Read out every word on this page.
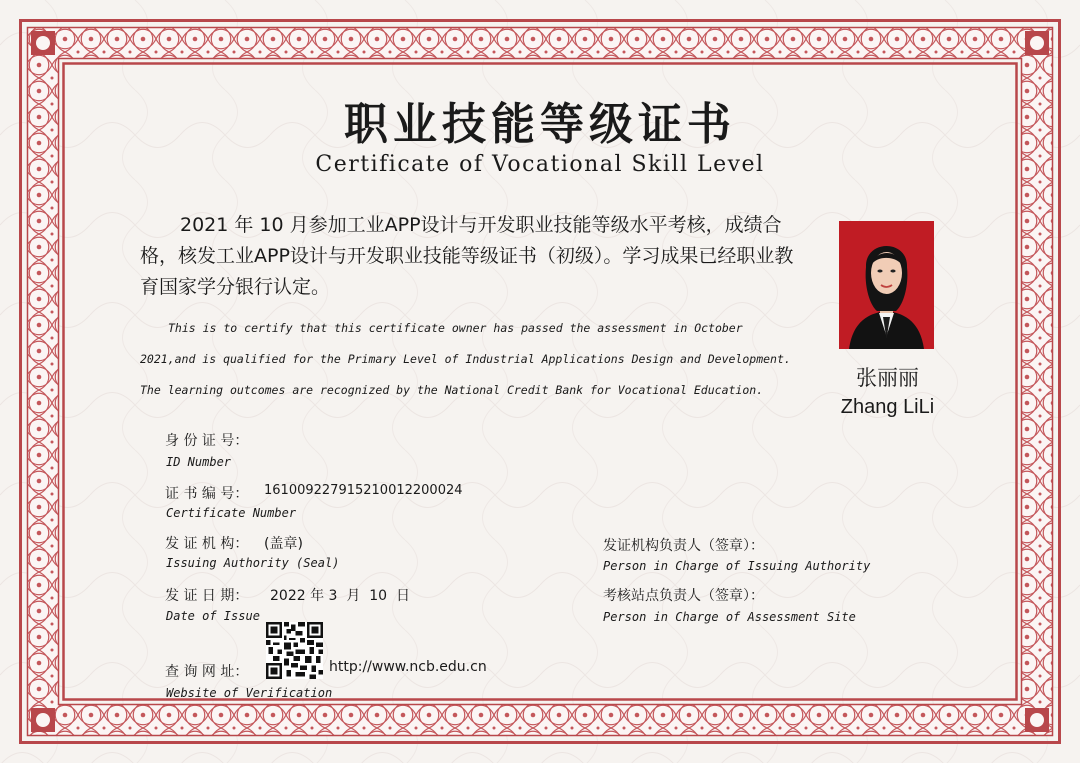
职业技能等级证书
Certificate of Vocational Skill Level
2021 年 10 月参加工业APP设计与开发职业技能等级水平考核，成绩合格，核发工业APP设计与开发职业技能等级证书（初级）。学习成果已经职业教育国家学分银行认定。
This is to certify that this certificate owner has passed the assessment in October 2021,and is qualified for the Primary Level of Industrial Applications Design and Development. The learning outcomes are recognized by the National Credit Bank for Vocational Education.	张丽丽
Zhang LiLi
身 份 证 号：
ID Number
证 书 编 号： 16100922791521001220002​4
Certificate Number
发 证 机 构： (盖章)
Issuing Authority (Seal)
发 证 日 期： 2022 年 3  月  10  日
Date of Issue
查 询 网 址：	http://www.ncb.edu.cn
Website of Verification
发证机构负责人（签章）：
Person in Charge of Issuing Authority
考核站点负责人（签章）：
Person in Charge of Assessment Site
